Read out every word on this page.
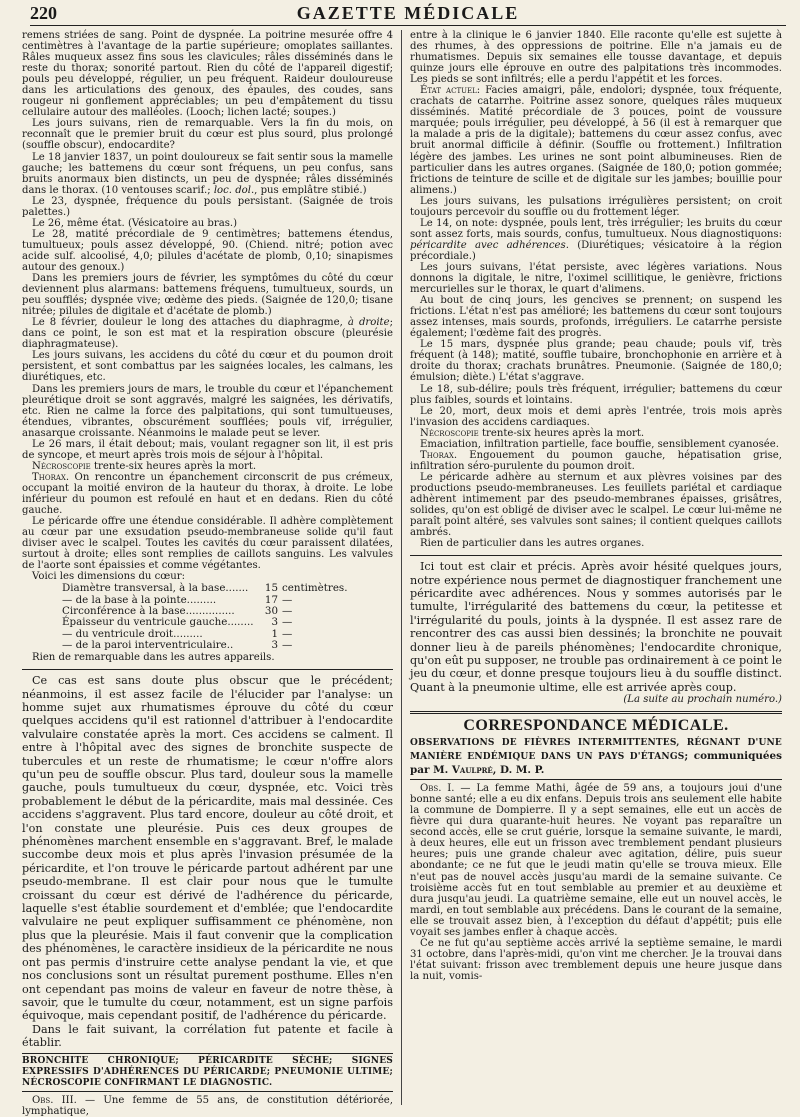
220	GAZETTE MÉDICALE

remens striées de sang. Point de dyspnée. La poitrine mesurée offre 4 centimètres à l'avantage de la partie supérieure; omoplates saillantes. Râles muqueux assez fins sous les clavicules; râles disséminés dans le reste du thorax; sonorité partout. Rien du côté de l'appareil digestif; pouls peu développé, régulier, un peu fréquent. Raideur douloureuse dans les articulations des genoux, des épaules, des coudes, sans rougeur ni gonflement appréciables; un peu d'empâtement du tissu cellulaire autour des malléoles. (Looch; lichen lacté; soupes.)

Les jours suivans, rien de remarquable. Vers la fin du mois, on reconnaît que le premier bruit du cœur est plus sourd, plus prolongé (souffle obscur), endocardite?

Le 18 janvier 1837, un point douloureux se fait sentir sous la mamelle gauche; les battemens du cœur sont fréquens, un peu confus, sans bruits anormaux bien distincts, un peu de dyspnée; râles disséminés dans le thorax. (10 ventouses scarif.; loc. dol., pus emplâtre stibié.)

Le 23, dyspnée, fréquence du pouls persistant. (Saignée de trois palettes.)

Le 26, même état. (Vésicatoire au bras.)

Le 28, matité précordiale de 9 centimètres; battemens étendus, tumultueux; pouls assez développé, 90. (Chiend. nitré; potion avec acide sulf. alcoolisé, 4,0; pilules d'acétate de plomb, 0,10; sinapismes autour des genoux.)

Dans les premiers jours de février, les symptômes du côté du cœur deviennent plus alarmans: battemens fréquens, tumultueux, sourds, un peu soufflés; dyspnée vive; œdème des pieds. (Saignée de 120,0; tisane nitrée; pilules de digitale et d'acétate de plomb.)

Le 8 février, douleur le long des attaches du diaphragme, à droite; dans ce point, le son est mat et la respiration obscure (pleurésie diaphragmateuse).

Les jours suivans, les accidens du côté du cœur et du poumon droit persistent, et sont combattus par les saignées locales, les calmans, les diurétiques, etc.

Dans les premiers jours de mars, le trouble du cœur et l'épanchement pleurétique droit se sont aggravés, malgré les saignées, les dérivatifs, etc. Rien ne calme la force des palpitations, qui sont tumultueuses, étendues, vibrantes, obscurément soufflées; pouls vif, irrégulier, anasarque croissante. Néanmoins le malade peut se lever.

Le 26 mars, il était debout; mais, voulant regagner son lit, il est pris de syncope, et meurt après trois mois de séjour à l'hôpital.

Nécroscopie trente-six heures après la mort.

Thorax. On rencontre un épanchement circonscrit de pus crémeux, occupant la moitié environ de la hauteur du thorax, à droite. Le lobe inférieur du poumon est refoulé en haut et en dedans. Rien du côté gauche.

Le péricarde offre une étendue considérable. Il adhère complètement au cœur par une exsudation pseudo-membraneuse solide qu'il faut diviser avec le scalpel. Toutes les cavités du cœur paraissent dilatées, surtout à droite; elles sont remplies de caillots sanguins. Les valvules de l'aorte sont épaissies et comme végétantes.

Voici les dimensions du cœur:

Diamètre transversal, à la base.......	15	centimètres.
— de la base à la pointe.........	17	—
Circonférence à la base...............	30	—
Épaisseur du ventricule gauche........	3	—
— du ventricule droit.........	1	—
— de la paroi interventriculaire..	3	—

Rien de remarquable dans les autres appareils.

Ce cas est sans doute plus obscur que le précédent; néanmoins, il est assez facile de l'élucider par l'analyse: un homme sujet aux rhumatismes éprouve du côté du cœur quelques accidens qu'il est rationnel d'attribuer à l'endocardite valvulaire constatée après la mort. Ces accidens se calment. Il entre à l'hôpital avec des signes de bronchite suspecte de tubercules et un reste de rhumatisme; le cœur n'offre alors qu'un peu de souffle obscur. Plus tard, douleur sous la mamelle gauche, pouls tumultueux du cœur, dyspnée, etc. Voici très probablement le début de la péricardite, mais mal dessinée. Ces accidens s'aggravent. Plus tard encore, douleur au côté droit, et l'on constate une pleurésie. Puis ces deux groupes de phénomènes marchent ensemble en s'aggravant. Bref, le malade succombe deux mois et plus après l'invasion présumée de la péricardite, et l'on trouve le péricarde partout adhérent par une pseudo-membrane. Il est clair pour nous que le tumulte croissant du cœur est dérivé de l'adhérence du péricarde, laquelle s'est établie sourdement et d'emblée; que l'endocardite valvulaire ne peut expliquer suffisamment ce phénomène, non plus que la pleurésie. Mais il faut convenir que la complication des phénomènes, le caractère insidieux de la péricardite ne nous ont pas permis d'instruire cette analyse pendant la vie, et que nos conclusions sont un résultat purement posthume. Elles n'en ont cependant pas moins de valeur en faveur de notre thèse, à savoir, que le tumulte du cœur, notamment, est un signe parfois équivoque, mais cependant positif, de l'adhérence du péricarde.

Dans le fait suivant, la corrélation fut patente et facile à établir.

BRONCHITE CHRONIQUE; PÉRICARDITE SÈCHE; SIGNES EXPRESSIFS D'ADHÉRENCES DU PÉRICARDE; PNEUMONIE ULTIME; NÉCROSCOPIE CONFIRMANT LE DIAGNOSTIC.

Obs. III. — Une femme de 55 ans, de constitution détériorée, lymphatique,

entre à la clinique le 6 janvier 1840. Elle raconte qu'elle est sujette à des rhumes, à des oppressions de poitrine. Elle n'a jamais eu de rhumatismes. Depuis six semaines elle tousse davantage, et depuis quinze jours elle éprouve en outre des palpitations très incommodes. Les pieds se sont infiltrés; elle a perdu l'appétit et les forces.

État actuel: Facies amaigri, pâle, endolori; dyspnée, toux fréquente, crachats de catarrhe. Poitrine assez sonore, quelques râles muqueux disséminés. Matité précordiale de 3 pouces, point de voussure marquée; pouls irrégulier, peu développé, à 56 (il est à remarquer que la malade a pris de la digitale); battemens du cœur assez confus, avec bruit anormal difficile à définir. (Souffle ou frottement.) Infiltration légère des jambes. Les urines ne sont point albumineuses. Rien de particulier dans les autres organes. (Saignée de 180,0; potion gommée; frictions de teinture de scille et de digitale sur les jambes; bouillie pour alimens.)

Les jours suivans, les pulsations irrégulières persistent; on croit toujours percevoir du souffle ou du frottement léger.

Le 14, on note: dyspnée, pouls lent, très irrégulier; les bruits du cœur sont assez forts, mais sourds, confus, tumultueux. Nous diagnostiquons: péricardite avec adhérences. (Diurétiques; vésicatoire à la région précordiale.)

Les jours suivans, l'état persiste, avec légères variations. Nous donnons la digitale, le nitre, l'oximel scillitique, le genièvre, frictions mercurielles sur le thorax, le quart d'alimens.

Au bout de cinq jours, les gencives se prennent; on suspend les frictions. L'état n'est pas amélioré; les battemens du cœur sont toujours assez intenses, mais sourds, profonds, irréguliers. Le catarrhe persiste également; l'œdème fait des progrès.

Le 15 mars, dyspnée plus grande; peau chaude; pouls vif, très fréquent (à 148); matité, souffle tubaire, bronchophonie en arrière et à droite du thorax; crachats brunâtres. Pneumonie. (Saignée de 180,0; émulsion; diète.) L'état s'aggrave.

Le 18, sub-délire; pouls très fréquent, irrégulier; battemens du cœur plus faibles, sourds et lointains.

Le 20, mort, deux mois et demi après l'entrée, trois mois après l'invasion des accidens cardiaques.

Nécroscopie trente-six heures après la mort.

Emaciation, infiltration partielle, face bouffie, sensiblement cyanosée.

Thorax. Engouement du poumon gauche, hépatisation grise, infiltration séro-purulente du poumon droit.

Le péricarde adhère au sternum et aux plèvres voisines par des productions pseudo-membraneuses. Les feuillets pariétal et cardiaque adhèrent intimement par des pseudo-membranes épaisses, grisâtres, solides, qu'on est obligé de diviser avec le scalpel. Le cœur lui-même ne paraît point altéré, ses valvules sont saines; il contient quelques caillots ambrés.

Rien de particulier dans les autres organes.

Ici tout est clair et précis. Après avoir hésité quelques jours, notre expérience nous permet de diagnostiquer franchement une péricardite avec adhérences. Nous y sommes autorisés par le tumulte, l'irrégularité des battemens du cœur, la petitesse et l'irrégularité du pouls, joints à la dyspnée. Il est assez rare de rencontrer des cas aussi bien dessinés; la bronchite ne pouvait donner lieu à de pareils phénomènes; l'endocardite chronique, qu'on eût pu supposer, ne trouble pas ordinairement à ce point le jeu du cœur, et donne presque toujours lieu à du souffle distinct. Quant à la pneumonie ultime, elle est arrivée après coup.

(La suite au prochain numéro.)

CORRESPONDANCE MÉDICALE.

OBSERVATIONS DE FIÈVRES INTERMITTENTES, RÉGNANT D'UNE MANIÈRE ENDÉMIQUE DANS UN PAYS D'ÉTANGS; communiquées par M. Vaulpré, D. M. P.

Obs. I. — La femme Mathi, âgée de 59 ans, a toujours joui d'une bonne santé; elle a eu dix enfans. Depuis trois ans seulement elle habite la commune de Dompierre. Il y a sept semaines, elle eut un accès de fièvre qui dura quarante-huit heures. Ne voyant pas reparaître un second accès, elle se crut guérie, lorsque la semaine suivante, le mardi, à deux heures, elle eut un frisson avec tremblement pendant plusieurs heures; puis une grande chaleur avec agitation, délire, puis sueur abondante; ce ne fut que le jeudi matin qu'elle se trouva mieux. Elle n'eut pas de nouvel accès jusqu'au mardi de la semaine suivante. Ce troisième accès fut en tout semblable au premier et au deuxième et dura jusqu'au jeudi. La quatrième semaine, elle eut un nouvel accès, le mardi, en tout semblable aux précédens. Dans le courant de la semaine, elle se trouvait assez bien, à l'exception du défaut d'appétit; puis elle voyait ses jambes enfler à chaque accès.

Ce ne fut qu'au septième accès arrivé la septième semaine, le mardi 31 octobre, dans l'après-midi, qu'on vint me chercher. Je la trouvai dans l'état suivant: frisson avec tremblement depuis une heure jusque dans la nuit, vomis-
